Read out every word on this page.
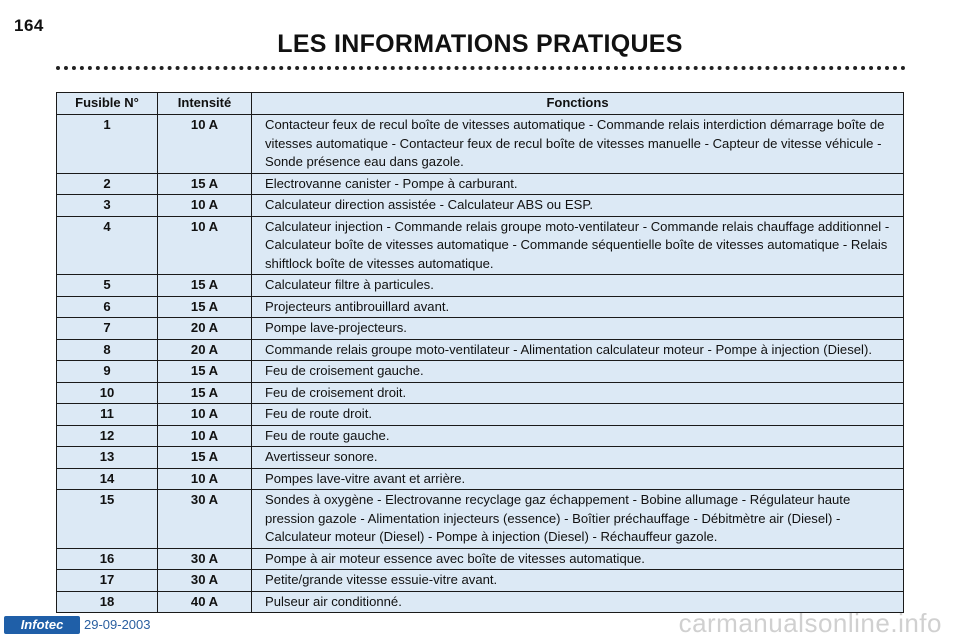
164
LES INFORMATIONS PRATIQUES
Fusible N°	Intensité	Fonctions
1	10 A	Contacteur feux de recul boîte de vitesses automatique - Commande relais interdiction démarrage boîte de vitesses automatique - Contacteur feux de recul boîte de vitesses manuelle - Capteur de vitesse véhicule - Sonde présence eau dans gazole.
2	15 A	Electrovanne canister - Pompe à carburant.
3	10 A	Calculateur direction assistée - Calculateur ABS ou ESP.
4	10 A	Calculateur injection - Commande relais groupe moto-ventilateur - Commande relais chauffage additionnel - Calculateur boîte de vitesses automatique - Commande séquentielle boîte de vitesses automatique - Relais shiftlock boîte de vitesses automatique.
5	15 A	Calculateur filtre à particules.
6	15 A	Projecteurs antibrouillard avant.
7	20 A	Pompe lave-projecteurs.
8	20 A	Commande relais groupe moto-ventilateur - Alimentation calculateur moteur - Pompe à injection (Diesel).
9	15 A	Feu de croisement gauche.
10	15 A	Feu de croisement droit.
11	10 A	Feu de route droit.
12	10 A	Feu de route gauche.
13	15 A	Avertisseur sonore.
14	10 A	Pompes lave-vitre avant et arrière.
15	30 A	Sondes à oxygène - Electrovanne recyclage gaz échappement - Bobine allumage - Régulateur haute pression gazole - Alimentation injecteurs (essence) - Boîtier préchauffage - Débitmètre air (Diesel) - Calculateur moteur (Diesel) - Pompe à injection (Diesel) - Réchauffeur gazole.
16	30 A	Pompe à air moteur essence avec boîte de vitesses automatique.
17	30 A	Petite/grande vitesse essuie-vitre avant.
18	40 A	Pulseur air conditionné.
Infotec	29-09-2003	carmanualsonline.info
